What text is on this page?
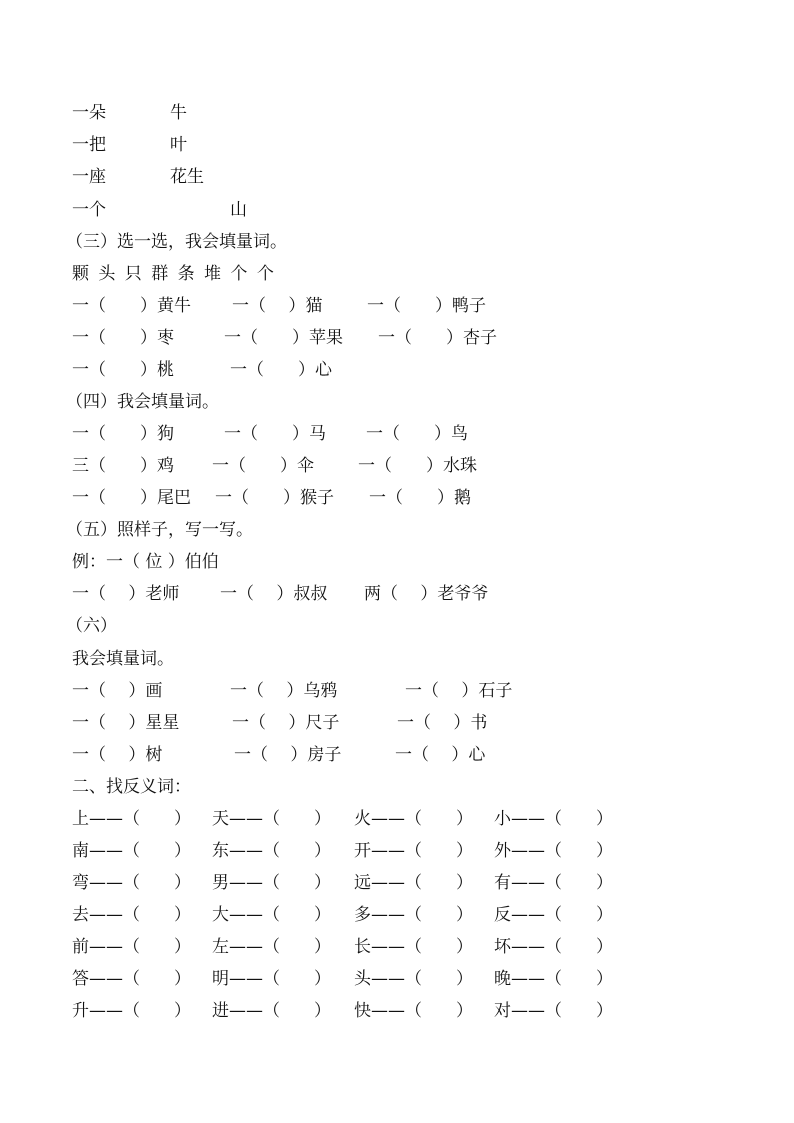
一朵	牛
一把	叶
一座	花生
一个	山
（三）选一选，我会填量词。
颗 头 只 群 条 堆 个 个
一（　　）黄牛 一（　 ）猫	一（　　）鸭子
一（　　）枣	一（　　）苹果 一（　　）杏子
一（　　）桃	一（　　）心
（四）我会填量词。
一（　　）狗	一（　　）马 一（　　）鸟
三（　　）鸡 一（　　）伞	一（　　）水珠
一（　　）尾巴 一（　　）猴子 一（　　）鹅
（五）照样子，写一写。
例：一（ 位 ）伯伯
一（　 ）老师 一（　 ）叔叔 两（　 ）老爷爷
（六）
我会填量词。
一（　 ）画	一（　 ）乌鸦	一（　 ）石子
一（　 ）星星	一（　 ）尺子	一（　 ）书
一（　 ）树	一（　 ）房子	一（　 ）心
二、找反义词：
上——（　　） 天——（　　） 火——（　　） 小——（　　）
南——（　　） 东——（　　） 开——（　　） 外——（　　）
弯——（　　） 男——（　　） 远——（　　） 有——（　　）
去——（　　） 大——（　　） 多——（　　） 反——（　　）
前——（　　） 左——（　　） 长——（　　） 坏——（　　）
答——（　　） 明——（　　） 头——（　　） 晚——（　　）
升——（　　） 进——（　　） 快——（　　） 对——（　　）
